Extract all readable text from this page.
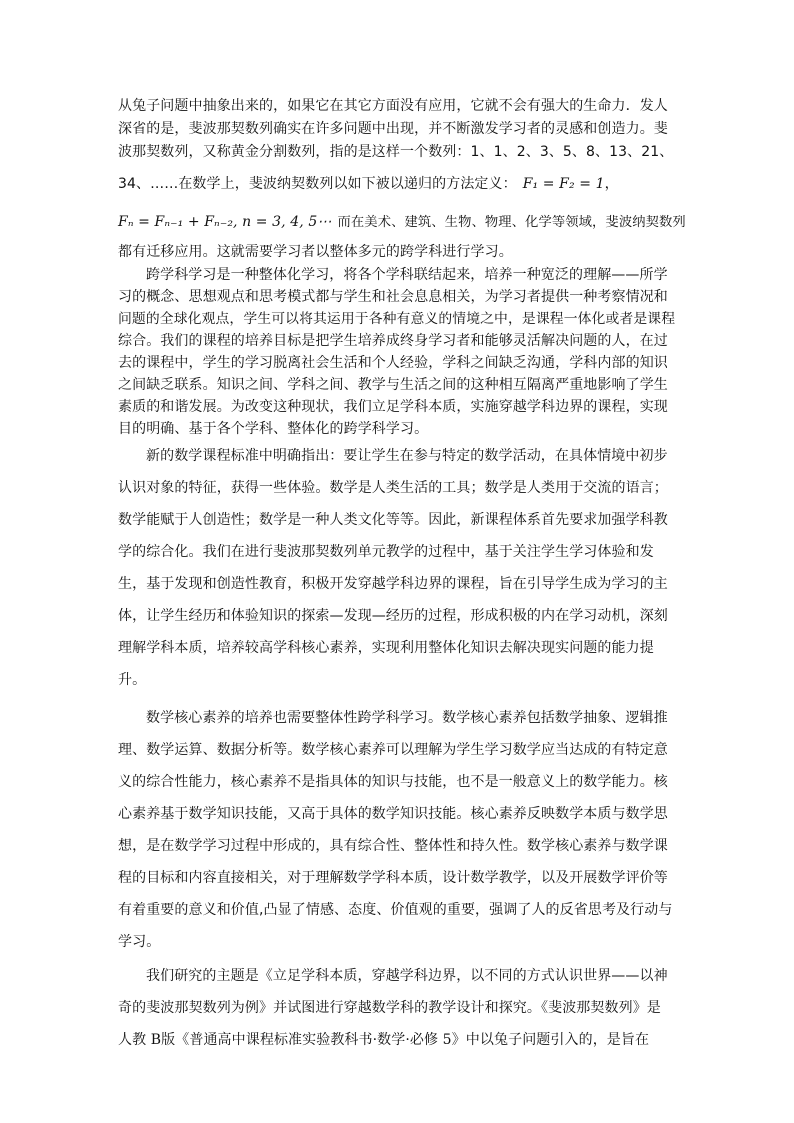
从兔子问题中抽象出来的，如果它在其它方面没有应用，它就不会有强大的生命力．发人
深省的是，斐波那契数列确实在许多问题中出现，并不断激发学习者的灵感和创造力。斐
波那契数列，又称黄金分割数列，指的是这样一个数列：1、1、2、3、5、8、13、21、
34、……在数学上，斐波纳契数列以如下被以递归的方法定义： F₁ = F₂ = 1，
Fₙ = Fₙ₋₁ + Fₙ₋₂, n = 3, 4, 5⋯ 而在美术、建筑、生物、物理、化学等领域，斐波纳契数列
都有迁移应用。这就需要学习者以整体多元的跨学科进行学习。
跨学科学习是一种整体化学习，将各个学科联结起来，培养一种宽泛的理解——所学
习的概念、思想观点和思考模式都与学生和社会息息相关，为学习者提供一种考察情况和
问题的全球化观点，学生可以将其运用于各种有意义的情境之中，是课程一体化或者是课程
综合。我们的课程的培养目标是把学生培养成终身学习者和能够灵活解决问题的人，在过
去的课程中，学生的学习脱离社会生活和个人经验，学科之间缺乏沟通，学科内部的知识
之间缺乏联系。知识之间、学科之间、教学与生活之间的这种相互隔离严重地影响了学生
素质的和谐发展。为改变这种现状，我们立足学科本质，实施穿越学科边界的课程，实现
目的明确、基于各个学科、整体化的跨学科学习。
新的数学课程标准中明确指出：要让学生在参与特定的数学活动，在具体情境中初步
认识对象的特征，获得一些体验。数学是人类生活的工具；数学是人类用于交流的语言；
数学能赋于人创造性；数学是一种人类文化等等。因此，新课程体系首先要求加强学科教
学的综合化。我们在进行斐波那契数列单元教学的过程中，基于关注学生学习体验和发
生，基于发现和创造性教育，积极开发穿越学科边界的课程，旨在引导学生成为学习的主
体，让学生经历和体验知识的探索—发现—经历的过程，形成积极的内在学习动机，深刻
理解学科本质，培养较高学科核心素养，实现利用整体化知识去解决现实问题的能力提
升。
数学核心素养的培养也需要整体性跨学科学习。数学核心素养包括数学抽象、逻辑推
理、数学运算、数据分析等。数学核心素养可以理解为学生学习数学应当达成的有特定意
义的综合性能力，核心素养不是指具体的知识与技能，也不是一般意义上的数学能力。核
心素养基于数学知识技能，又高于具体的数学知识技能。核心素养反映数学本质与数学思
想，是在数学学习过程中形成的，具有综合性、整体性和持久性。数学核心素养与数学课
程的目标和内容直接相关，对于理解数学学科本质，设计数学教学，以及开展数学评价等
有着重要的意义和价值,凸显了情感、态度、价值观的重要，强调了人的反省思考及行动与
学习。
我们研究的主题是《立足学科本质，穿越学科边界，以不同的方式认识世界——以神
奇的斐波那契数列为例》并试图进行穿越数学科的教学设计和探究。《斐波那契数列》是
人教 B版《普通高中课程标准实验教科书·数学·必修 5》中以兔子问题引入的，是旨在
